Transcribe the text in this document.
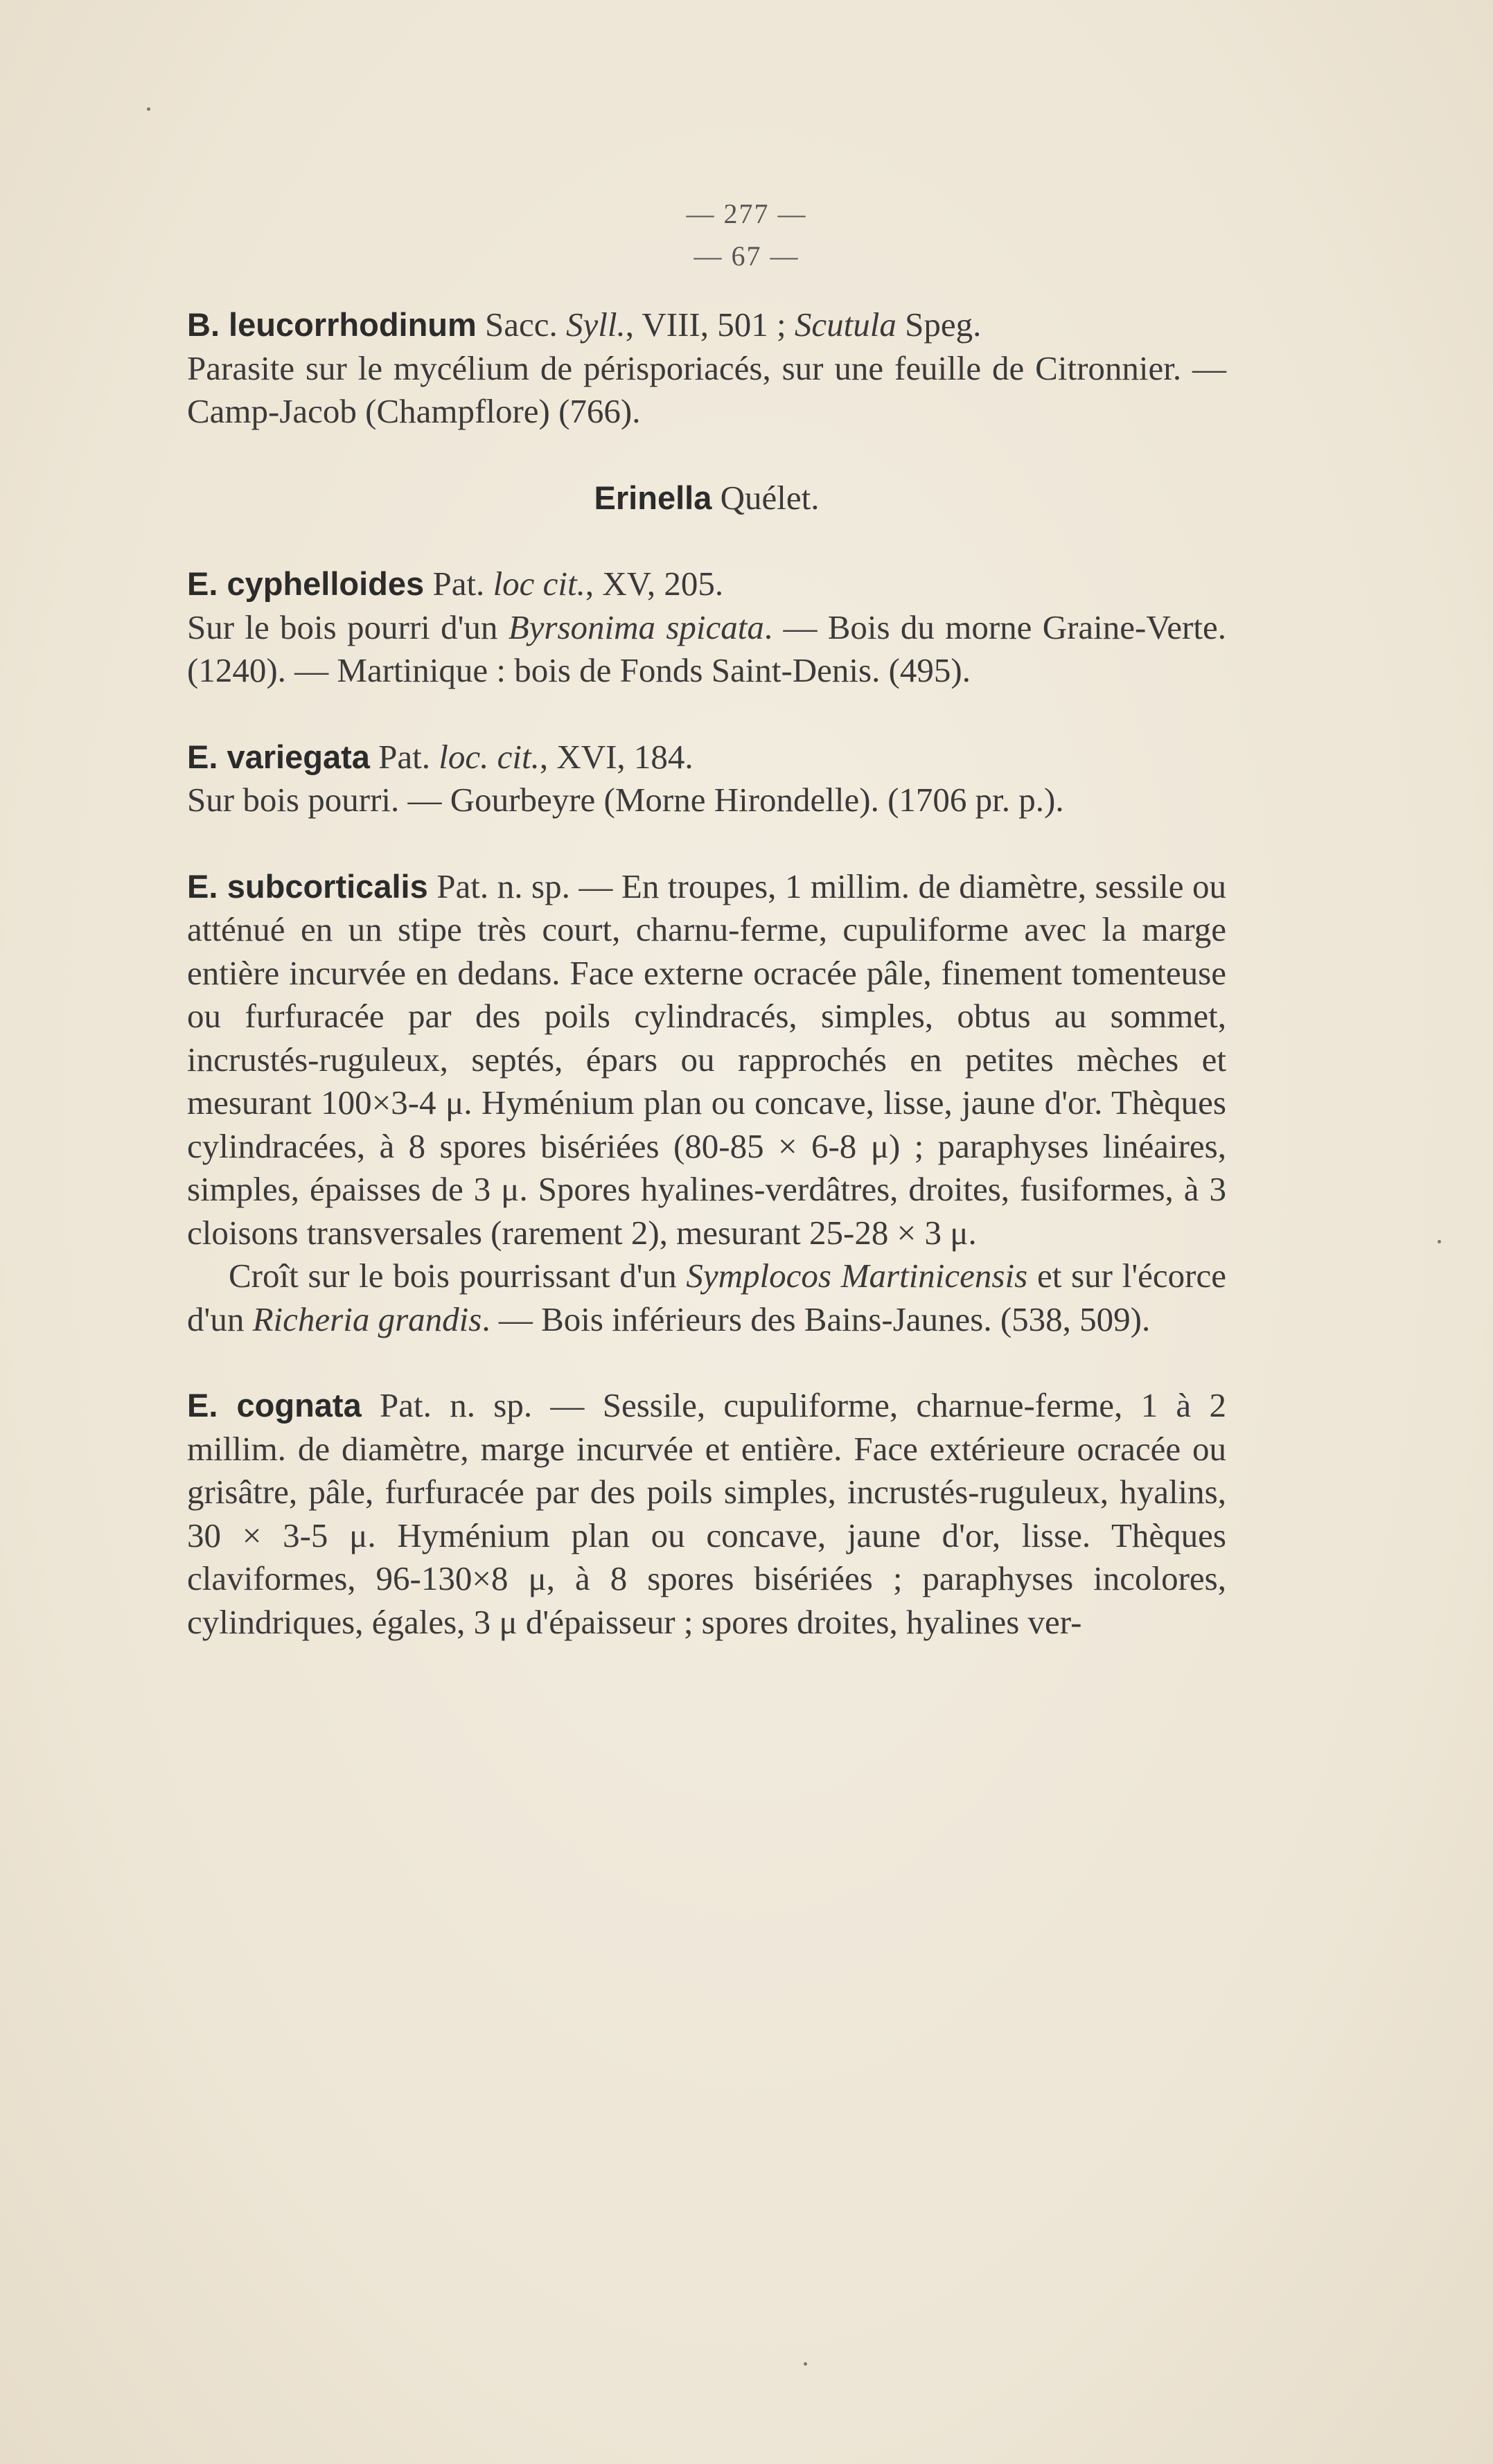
— 277 —
— 67 —

B. leucorrhodinum Sacc. Syll., VIII, 501 ; Scutula Speg.
Parasite sur le mycélium de périsporiacés, sur une feuille de Citronnier. — Camp-Jacob (Champflore) (766).

Erinella Quélet.

E. cyphelloides Pat. loc cit., XV, 205.
Sur le bois pourri d'un Byrsonima spicata. — Bois du morne Graine-Verte. (1240). — Martinique : bois de Fonds Saint-Denis. (495).

E. variegata Pat. loc. cit., XVI, 184.
Sur bois pourri. — Gourbeyre (Morne Hirondelle). (1706 pr. p.).

E. subcorticalis Pat. n. sp. — En troupes, 1 millim. de diamètre, sessile ou atténué en un stipe très court, charnu-ferme, cupuliforme avec la marge entière incurvée en dedans. Face externe ocracée pâle, finement tomenteuse ou furfuracée par des poils cylindracés, simples, obtus au sommet, incrustés-ruguleux, septés, épars ou rapprochés en petites mèches et mesurant 100×3-4 μ. Hyménium plan ou concave, lisse, jaune d'or. Thèques cylindracées, à 8 spores bisériées (80-85 × 6-8 μ) ; paraphyses linéaires, simples, épaisses de 3 μ. Spores hyalines-verdâtres, droites, fusiformes, à 3 cloisons transversales (rarement 2), mesurant 25-28 × 3 μ.

Croît sur le bois pourrissant d'un Symplocos Martinicensis et sur l'écorce d'un Richeria grandis. — Bois inférieurs des Bains-Jaunes. (538, 509).

E. cognata Pat. n. sp. — Sessile, cupuliforme, charnue-ferme, 1 à 2 millim. de diamètre, marge incurvée et entière. Face extérieure ocracée ou grisâtre, pâle, furfuracée par des poils simples, incrustés-ruguleux, hyalins, 30 × 3-5 μ. Hyménium plan ou concave, jaune d'or, lisse. Thèques claviformes, 96-130×8 μ, à 8 spores bisériées ; paraphyses incolores, cylindriques, égales, 3 μ d'épaisseur ; spores droites, hyalines ver-
